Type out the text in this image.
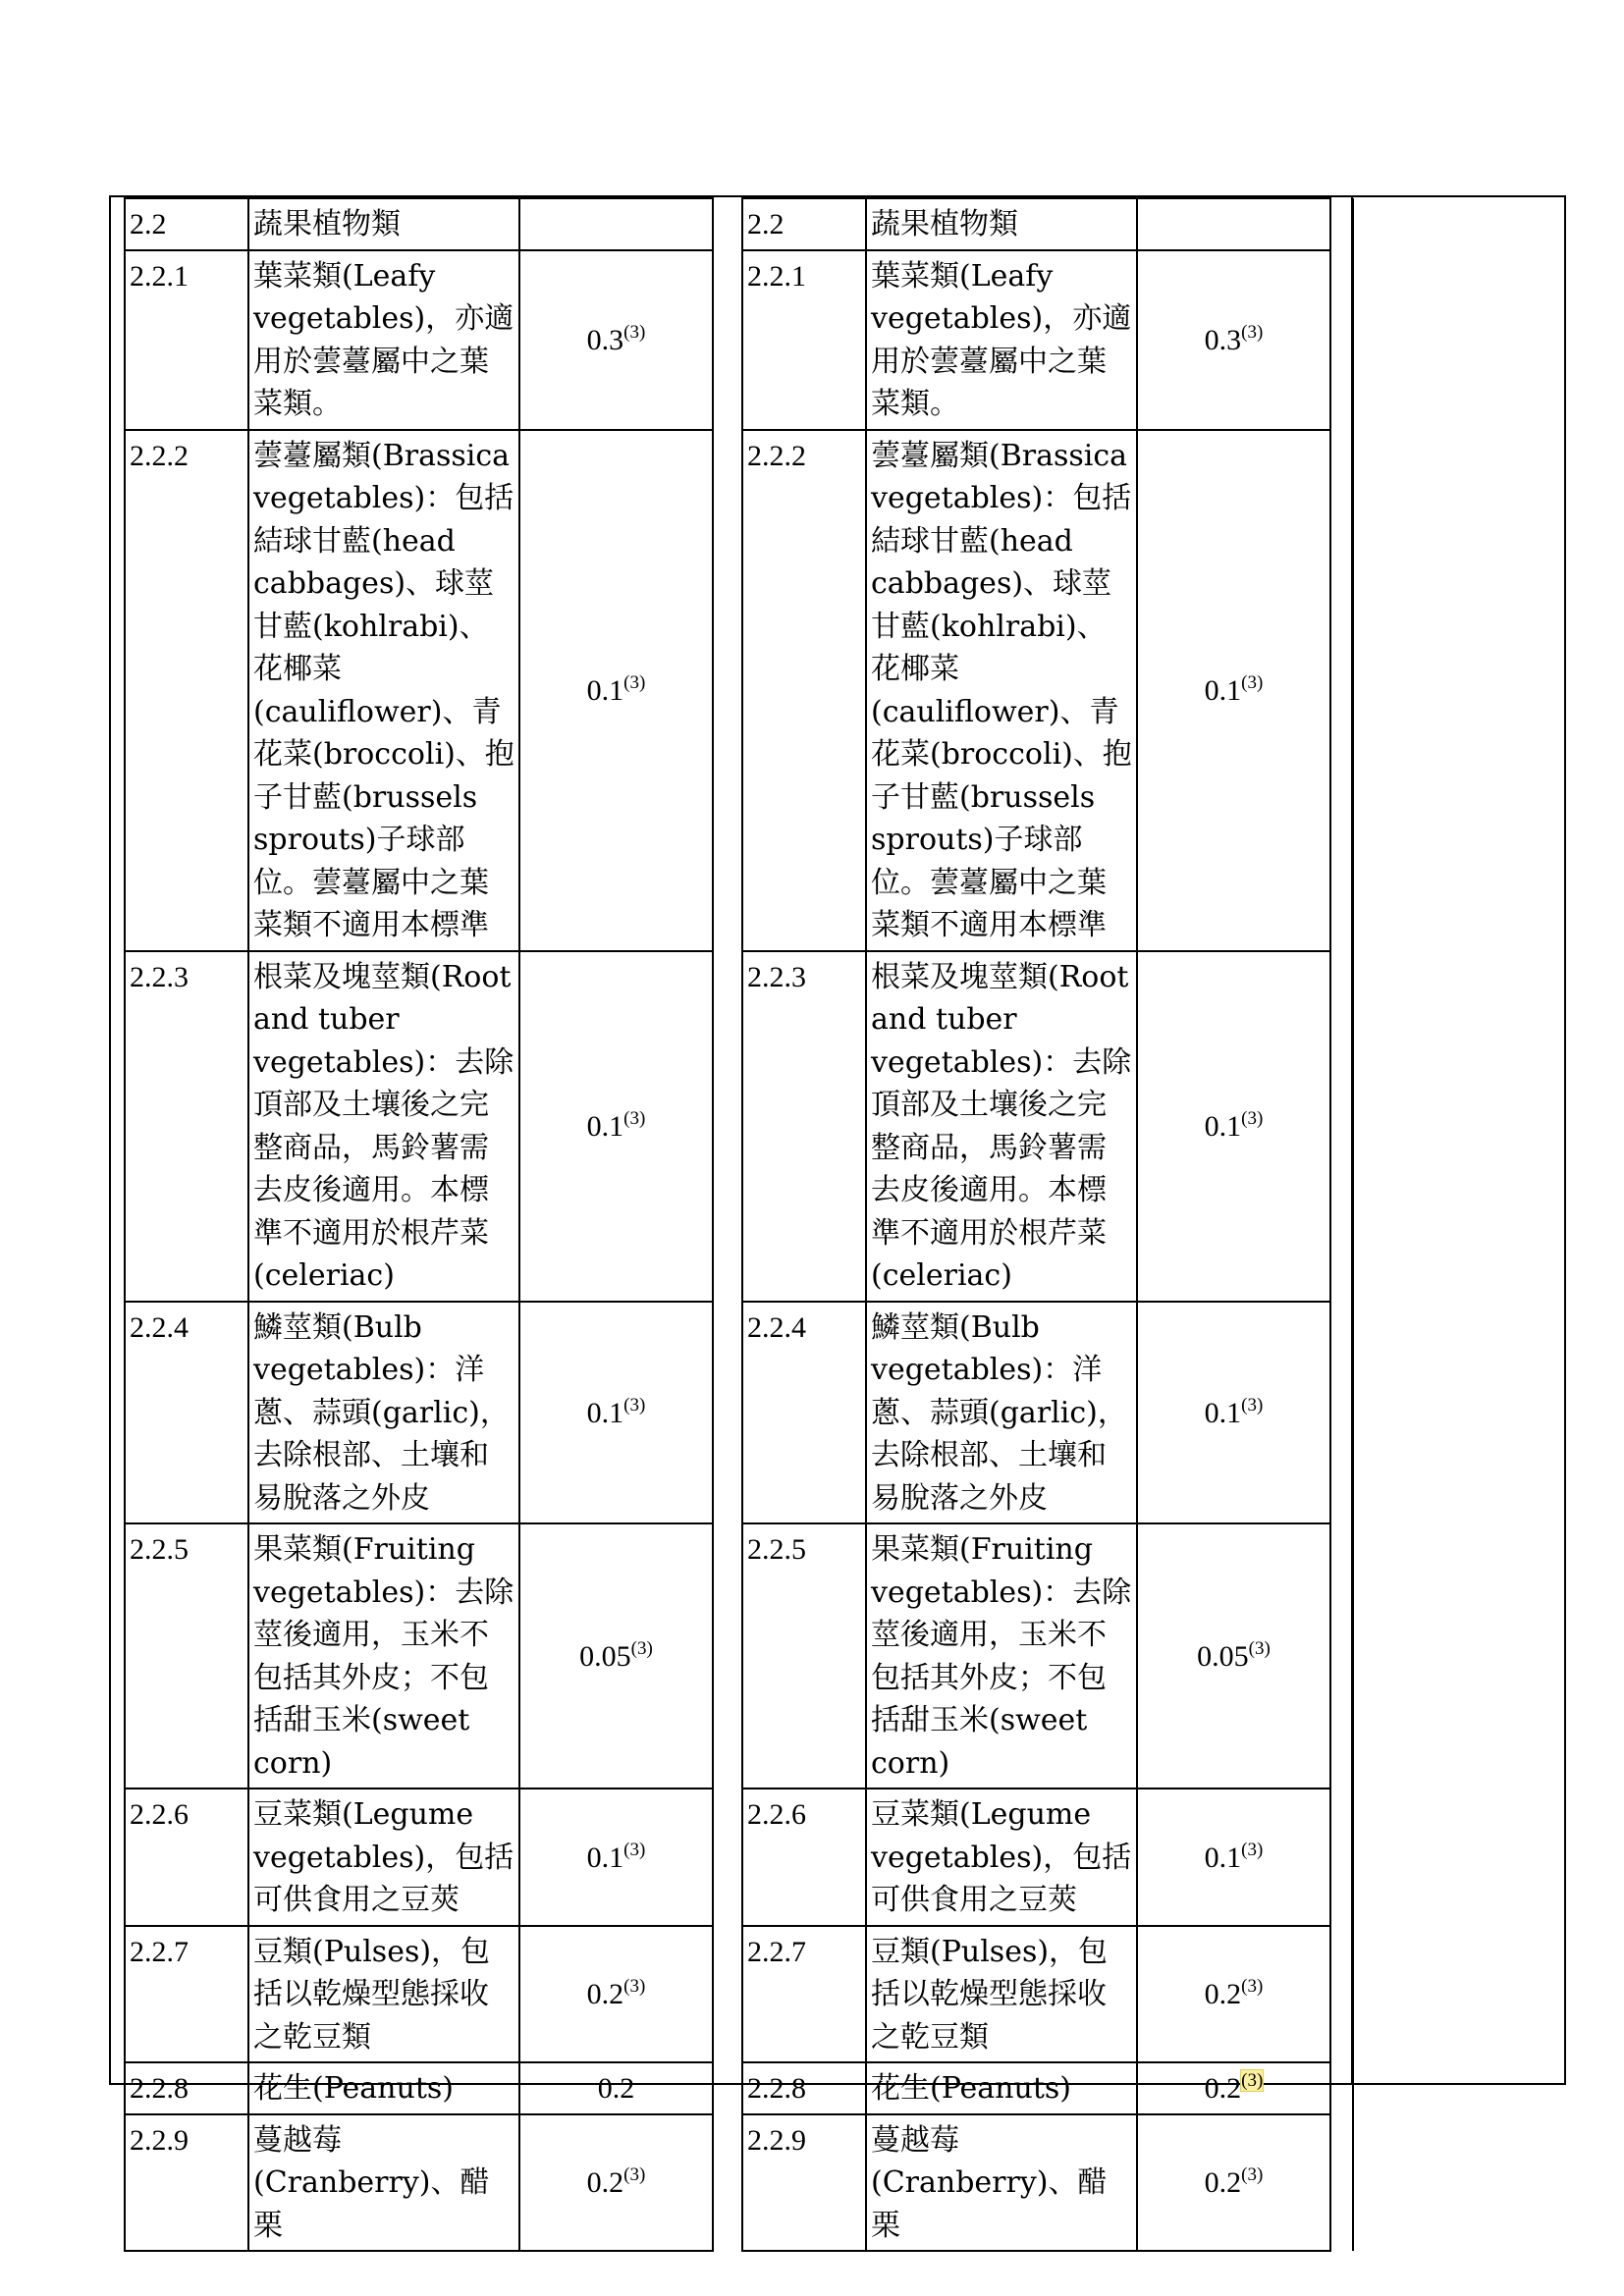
2.2	蔬果植物類			2.2	蔬果植物類		
2.2.1	葉菜類(Leafy vegetables)，亦適用於蕓薹屬中之葉菜類。	0.3$^{(3)}$		2.2.1	葉菜類(Leafy vegetables)，亦適用於蕓薹屬中之葉菜類。	0.3$^{(3)}$	
2.2.2	蕓薹屬類(Brassica vegetables)：包括結球甘藍(head cabbages)、球莖甘藍(kohlrabi)、花椰菜(cauliflower)、青花菜(broccoli)、抱子甘藍(brussels sprouts)子球部位。蕓薹屬中之葉菜類不適用本標準	0.1$^{(3)}$		2.2.2	蕓薹屬類(Brassica vegetables)：包括結球甘藍(head cabbages)、球莖甘藍(kohlrabi)、花椰菜(cauliflower)、青花菜(broccoli)、抱子甘藍(brussels sprouts)子球部位。蕓薹屬中之葉菜類不適用本標準	0.1$^{(3)}$	
2.2.3	根菜及塊莖類(Root and tuber vegetables)：去除頂部及土壤後之完整商品，馬鈴薯需去皮後適用。本標準不適用於根芹菜(celeriac)	0.1$^{(3)}$		2.2.3	根菜及塊莖類(Root and tuber vegetables)：去除頂部及土壤後之完整商品，馬鈴薯需去皮後適用。本標準不適用於根芹菜(celeriac)	0.1$^{(3)}$	
2.2.4	鱗莖類(Bulb vegetables)：洋蔥、蒜頭(garlic)，去除根部、土壤和易脫落之外皮	0.1$^{(3)}$		2.2.4	鱗莖類(Bulb vegetables)：洋蔥、蒜頭(garlic)，去除根部、土壤和易脫落之外皮	0.1$^{(3)}$	
2.2.5	果菜類(Fruiting vegetables)：去除莖後適用，玉米不包括其外皮；不包括甜玉米(sweet corn)	0.05$^{(3)}$		2.2.5	果菜類(Fruiting vegetables)：去除莖後適用，玉米不包括其外皮；不包括甜玉米(sweet corn)	0.05$^{(3)}$	
2.2.6	豆菜類(Legume vegetables)，包括可供食用之豆莢	0.1$^{(3)}$		2.2.6	豆菜類(Legume vegetables)，包括可供食用之豆莢	0.1$^{(3)}$	
2.2.7	豆類(Pulses)，包括以乾燥型態採收之乾豆類	0.2$^{(3)}$		2.2.7	豆類(Pulses)，包括以乾燥型態採收之乾豆類	0.2$^{(3)}$	
2.2.8	花生(Peanuts)	0.2		2.2.8	花生(Peanuts)	0.2$^{(3)}$	
2.2.9	蔓越莓(Cranberry)、醋栗	0.2$^{(3)}$		2.2.9	蔓越莓(Cranberry)、醋栗	0.2$^{(3)}$	
